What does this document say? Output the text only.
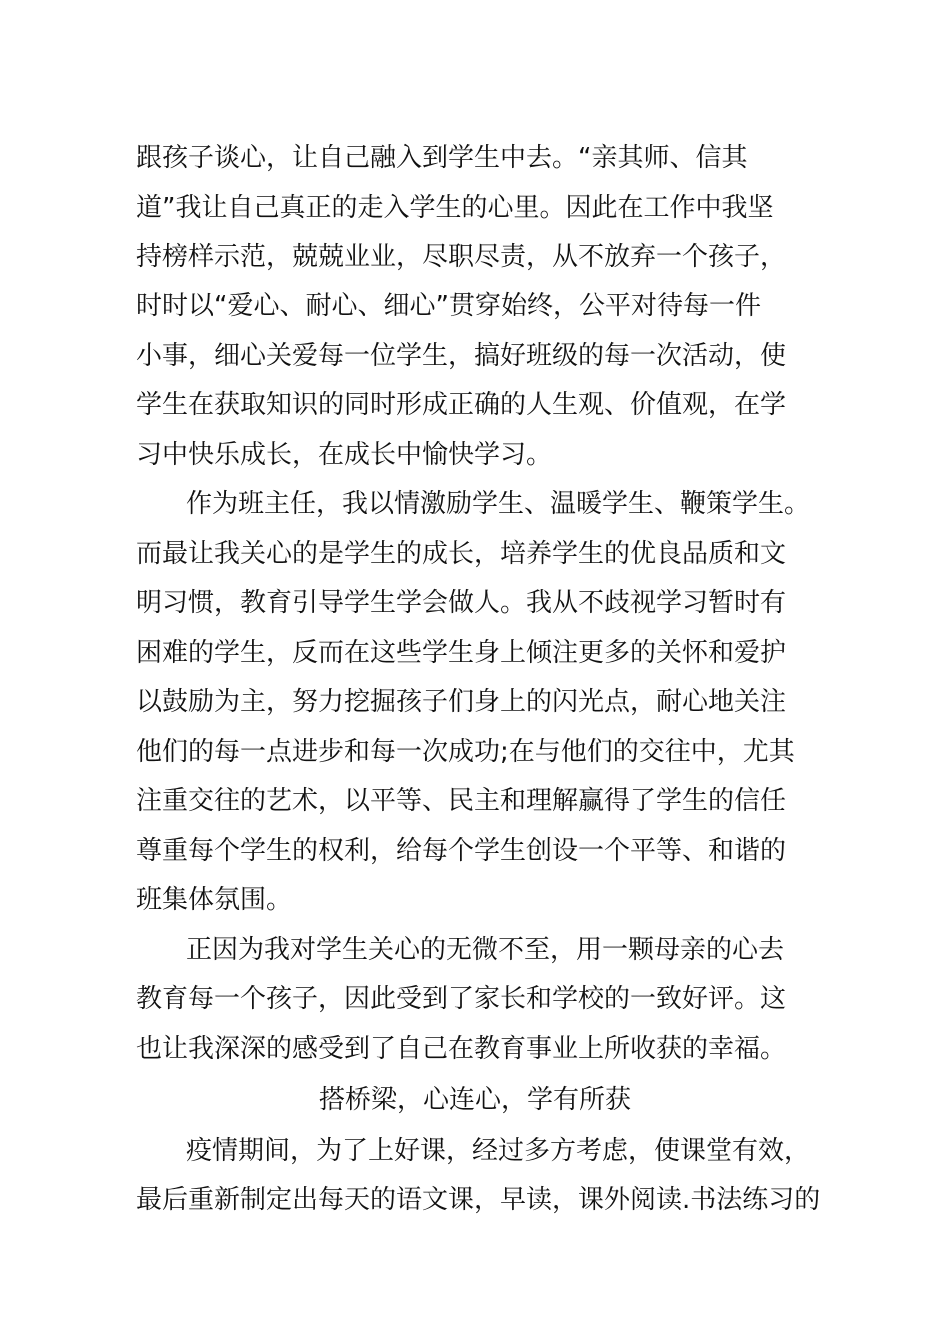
跟孩子谈心，让自己融入到学生中去。“亲其师、信其
道”我让自己真正的走入学生的心里。因此在工作中我坚
持榜样示范，兢兢业业，尽职尽责，从不放弃一个孩子，
时时以“爱心、耐心、细心”贯穿始终，公平对待每一件
小事，细心关爱每一位学生，搞好班级的每一次活动，使
学生在获取知识的同时形成正确的人生观、价值观，在学
习中快乐成长，在成长中愉快学习。
作为班主任，我以情激励学生、温暖学生、鞭策学生。
而最让我关心的是学生的成长，培养学生的优良品质和文
明习惯，教育引导学生学会做人。我从不歧视学习暂时有
困难的学生，反而在这些学生身上倾注更多的关怀和爱护
以鼓励为主，努力挖掘孩子们身上的闪光点，耐心地关注
他们的每一点进步和每一次成功;在与他们的交往中，尤其
注重交往的艺术，以平等、民主和理解赢得了学生的信任
尊重每个学生的权利，给每个学生创设一个平等、和谐的
班集体氛围。
正因为我对学生关心的无微不至，用一颗母亲的心去
教育每一个孩子，因此受到了家长和学校的一致好评。这
也让我深深的感受到了自己在教育事业上所收获的幸福。
搭桥梁，心连心，学有所获
疫情期间，为了上好课，经过多方考虑，使课堂有效，
最后重新制定出每天的语文课，早读，课外阅读.书法练习的
